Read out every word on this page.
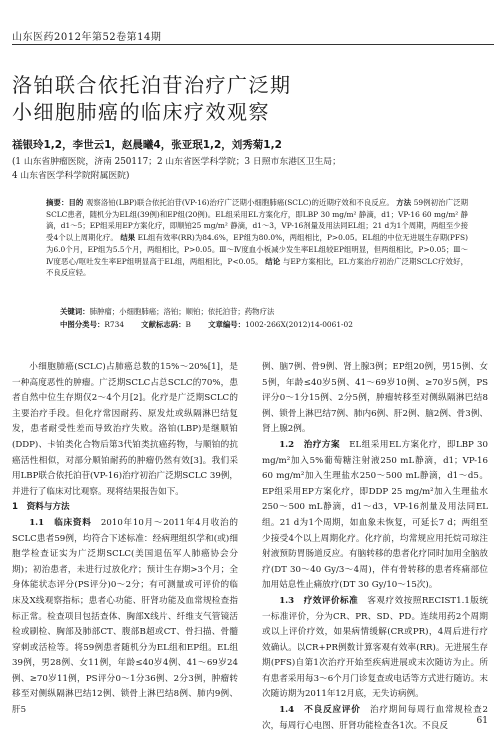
山东医药2012年第52卷第14期
洛铂联合依托泊苷治疗广泛期
小细胞肺癌的临床疗效观察
禚银玲1,2，李世云1，赵晨曦4，张亚珉1,2，刘秀菊1,2
(1 山东省肿瘤医院，济南 250117；2 山东省医学科学院；3 日照市东港区卫生局；
4 山东省医学科学院附属医院)

摘要：目的 观察洛铂(LBP)联合依托泊苷(VP-16)治疗广泛期小细胞肺癌(SCLC)的近期疗效和不良反应。 方法 59例初治广泛期SCLC患者，随机分为EL组(39例)和EP组(20例)。EL组采用EL方案化疗，即LBP 30 mg/m² 静滴，d1；VP-16 60 mg/m² 静滴，d1～5；EP组采用EP方案化疗，即顺铂25 mg/m² 静滴，d1～3，VP-16剂量及用法同EL组；21 d为1个周期，两组至少接受4个以上周期化疗。 结果 EL组有效率(RR)为84.6%，EP组为80.0%，两组相比，P>0.05。EL组的中位无进展生存期(PFS)为6.0个月，EP组为5.5个月，两组相比，P>0.05。Ⅲ～Ⅳ度血小板减少发生率EL组较EP组明显，但两组相比，P>0.05；Ⅲ～Ⅳ度恶心/呕吐发生率EP组明显高于EL组，两组相比，P<0.05。 结论 与EP方案相比，EL方案治疗初治广泛期SCLC疗效好，不良反应轻。

关键词：肺肿瘤；小细胞肺癌；洛铂；顺铂；依托泊苷；药物疗法
中图分类号：R734   文献标志码：B   文章编号：1002-266X(2012)14-0061-02

小细胞肺癌(SCLC)占肺癌总数的15%～20%[1]，是一种高度恶性的肿瘤。广泛期SCLC占总SCLC的70%，患者自然中位生存期仅2～4个月[2]。化疗是广泛期SCLC的主要治疗手段。但化疗常因耐药、原发灶或纵隔淋巴结复发，患者耐受性差而导致治疗失败。洛铂(LBP)是继顺铂(DDP)、卡铂类化合物后第3代铂类抗癌药物，与顺铂的抗癌活性相似，对部分顺铂耐药的肿瘤仍然有效[3]。我们采用LBP联合依托泊苷(VP-16)治疗初治广泛期SCLC 39例，并进行了临床对比观察。现将结果报告如下。

1　资料与方法

1.1　临床资料　 2010年10月～2011年4月收治的SCLC患者59例，均符合下述标准：经病理组织学和(或)细胞学检查证实为广泛期SCLC(美国退伍军人肺癌协会分期)；初治患者，未进行过放化疗；预计生存期>3个月；全身体能状态评分(PS评分)0～2分；有可测量或可评价的临床及X线观察指标；患者心功能、肝肾功能及血常规检查指标正常。检查项目包括查体、胸部X线片、纤维支气管镜活检或刷检、胸部及肺部CT、腹部B超或CT、骨扫描、骨髓穿刺或活检等。将59例患者随机分为EL组和EP组。EL组39例，男28例、女11例，年龄≤40岁4例、41～69岁24例、≥70岁11例，PS评分0～1分36例、2分3例，肿瘤转移至对侧纵隔淋巴结12例、锁骨上淋巴结8例、肺内9例、肝5

例、脑7例、骨9例、肾上腺3例；EP组20例，男15例、女5例，年龄≤40岁5例、41～69岁10例、≥70岁5例，PS评分0～1分15例、2分5例，肿瘤转移至对侧纵隔淋巴结8例、锁骨上淋巴结7例、肺内6例、肝2例、脑2例、骨3例、肾上腺2例。

1.2　治疗方案　 EL组采用EL方案化疗，即LBP 30 mg/m²加入5%葡萄糖注射液250 mL静滴，d1；VP-16 60 mg/m²加入生理盐水250～500 mL静滴，d1～d5。EP组采用EP方案化疗，即DDP 25 mg/m²加入生理盐水250～500 mL静滴，d1～d3，VP-16剂量及用法同EL组。21 d为1个周期，如血象未恢复，可延长7 d；两组至少接受4个以上周期化疗。化疗前，均常规应用托烷司琼注射液预防胃肠道反应。有脑转移的患者化疗同时加用全脑放疗(DT 30～40 Gy/3～4周)，伴有骨转移的患者疼痛部位加用姑息性止痛放疗(DT 30 Gy/10～15次)。

1.3　疗效评价标准　 客观疗效按照RECIST1.1版统一标准评价，分为CR、PR、SD、PD。连续用药2个周期或以上评价疗效，如果病情缓解(CR或PR)，4周后进行疗效确认。以CR+PR例数计算客观有效率(RR)。无进展生存期(PFS)自第1次治疗开始至疾病进展或末次随访为止。所有患者采用每3～6个月门诊复查或电话等方式进行随访。末次随访期为2011年12月底，无失访病例。

1.4　不良反应评价　 治疗期间每周行血常规检查2次，每周行心电图、肝肾功能检查各1次。不良反	61
